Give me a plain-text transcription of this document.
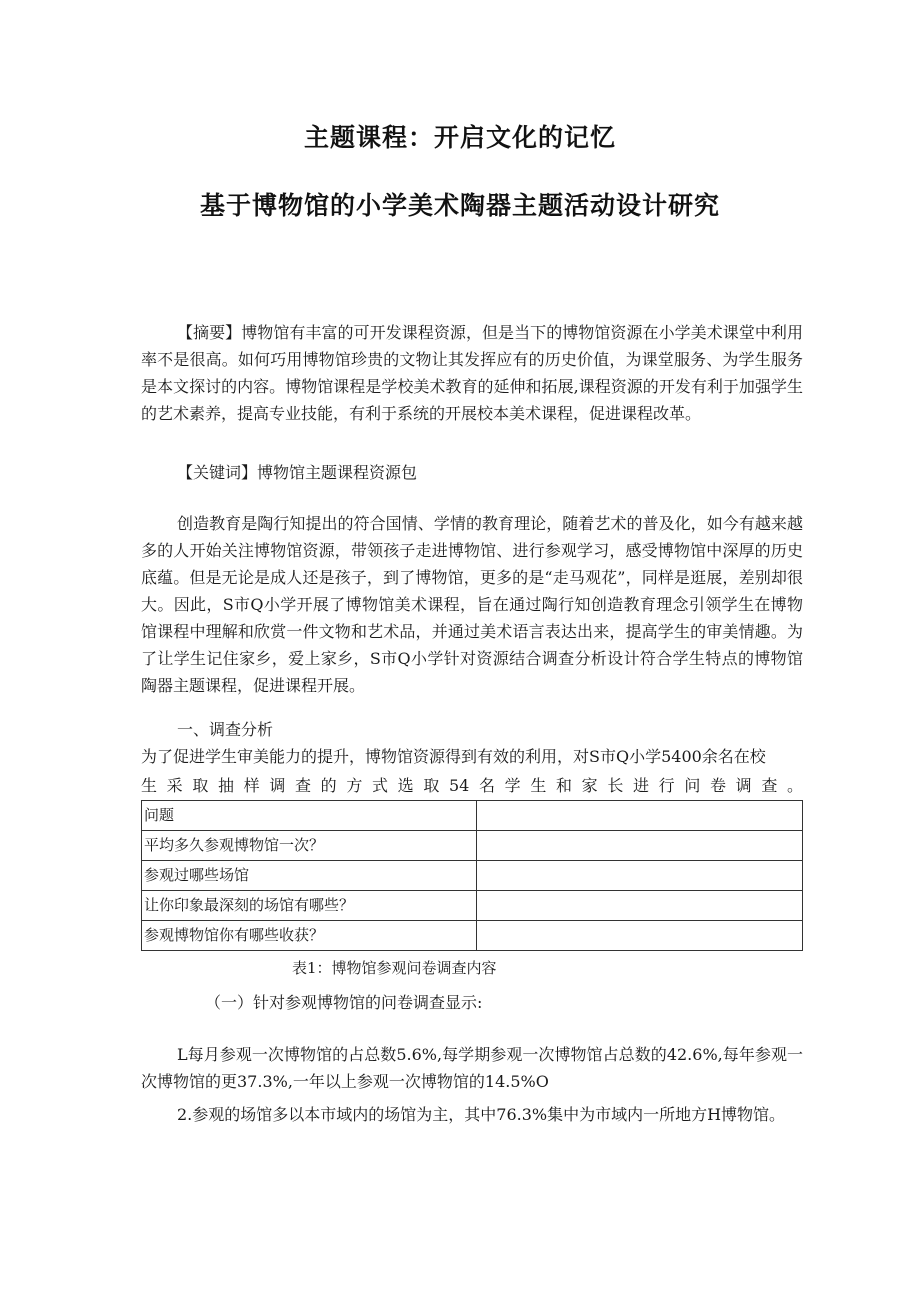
主题课程：开启文化的记忆
基于博物馆的小学美术陶器主题活动设计研究

【摘要】博物馆有丰富的可开发课程资源，但是当下的博物馆资源在小学美术课堂中利用率不是很高。如何巧用博物馆珍贵的文物让其发挥应有的历史价值，为课堂服务、为学生服务是本文探讨的内容。博物馆课程是学校美术教育的延伸和拓展,课程资源的开发有利于加强学生的艺术素养，提高专业技能，有利于系统的开展校本美术课程，促进课程改革。

【关键词】博物馆主题课程资源包

创造教育是陶行知提出的符合国情、学情的教育理论，随着艺术的普及化，如今有越来越多的人开始关注博物馆资源，带领孩子走进博物馆、进行参观学习，感受博物馆中深厚的历史底蕴。但是无论是成人还是孩子，到了博物馆，更多的是“走马观花”，同样是逛展，差别却很大。因此，S市Q小学开展了博物馆美术课程，旨在通过陶行知创造教育理念引领学生在博物馆课程中理解和欣赏一件文物和艺术品，并通过美术语言表达出来，提高学生的审美情趣。为了让学生记住家乡，爱上家乡，S市Q小学针对资源结合调查分析设计符合学生特点的博物馆陶器主题课程，促进课程开展。

一、调查分析

为了促进学生审美能力的提升，博物馆资源得到有效的利用，对S市Q小学5400余名在校

生采取抽样调查的方式选取54名学生和家长进行问卷调查。

问题	
平均多久参观博物馆一次？	
参观过哪些场馆	
让你印象最深刻的场馆有哪些？	
参观博物馆你有哪些收获？	

表1：博物馆参观问卷调查内容

（一）针对参观博物馆的问卷调查显示:

L每月参观一次博物馆的占总数5.6%,每学期参观一次博物馆占总数的42.6%,每年参观一次博物馆的更37.3%,一年以上参观一次博物馆的14.5%O

2.参观的场馆多以本市域内的场馆为主，其中76.3%集中为市域内一所地方H博物馆。
